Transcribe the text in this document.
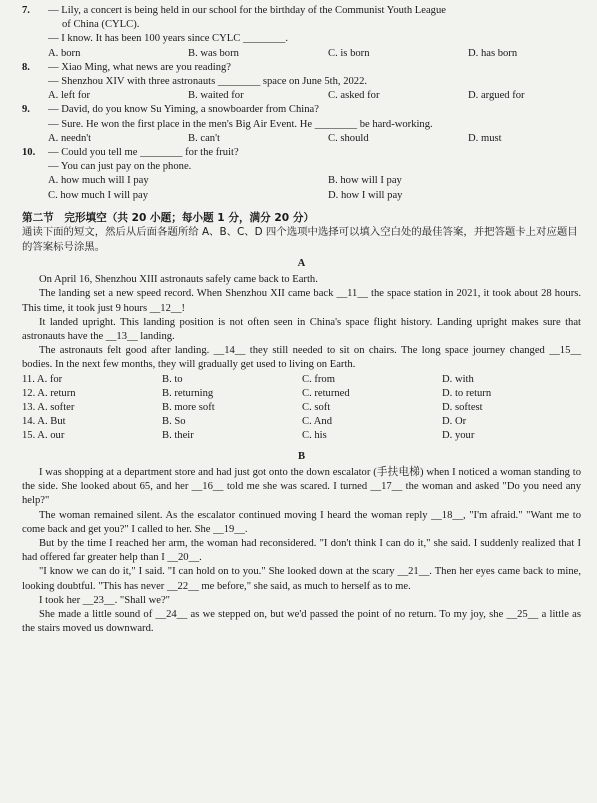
7.	— Lily, a concert is being held in our school for the birthday of the Communist Youth League
of China (CYLC).
— I know. It has been 100 years since CYLC ________.
A. born	B. was born	C. is born	D. has born
8.	— Xiao Ming, what news are you reading?
— Shenzhou XIV with three astronauts ________ space on June 5th, 2022.
A. left for	B. waited for	C. asked for	D. argued for
9.	— David, do you know Su Yiming, a snowboarder from China?
— Sure. He won the first place in the men's Big Air Event. He ________ be hard-working.
A. needn't	B. can't	C. should	D. must
10.	— Could you tell me ________ for the fruit?
— You can just pay on the phone.
A. how much will I pay	B. how will I pay
C. how much I will pay	D. how I will pay
第二节　完形填空（共 20 小题；每小题 1 分，满分 20 分）
通读下面的短文，然后从后面各题所给 A、B、C、D 四个选项中选择可以填入空白处的最佳答案，并把答题卡上对应题目的答案标号涂黑。
A
On April 16, Shenzhou XIII astronauts safely came back to Earth.
The landing set a new speed record. When Shenzhou XII came back __11__ the space station in 2021, it took about 28 hours. This time, it took just 9 hours __12__!
It landed upright. This landing position is not often seen in China's space flight history. Landing upright makes sure that astronauts have the __13__ landing.
The astronauts felt good after landing. __14__ they still needed to sit on chairs. The long space journey changed __15__ bodies. In the next few months, they will gradually get used to living on Earth.
11. A. for	B. to	C. from	D. with
12. A. return	B. returning	C. returned	D. to return
13. A. softer	B. more soft	C. soft	D. softest
14. A. But	B. So	C. And	D. Or
15. A. our	B. their	C. his	D. your
B
I was shopping at a department store and had just got onto the down escalator (手扶电梯) when I noticed a woman standing to the side. She looked about 65, and her __16__ told me she was scared. I turned __17__ the woman and asked "Do you need any help?"
The woman remained silent. As the escalator continued moving I heard the woman reply __18__, "I'm afraid." "Want me to come back and get you?" I called to her. She __19__.
But by the time I reached her arm, the woman had reconsidered. "I don't think I can do it," she said. I suddenly realized that I had offered far greater help than I __20__.
"I know we can do it," I said. "I can hold on to you." She looked down at the scary __21__. Then her eyes came back to mine, looking doubtful. "This has never __22__ me before," she said, as much to herself as to me.
I took her __23__. "Shall we?"
She made a little sound of __24__ as we stepped on, but we'd passed the point of no return. To my joy, she __25__ a little as the stairs moved us downward.
